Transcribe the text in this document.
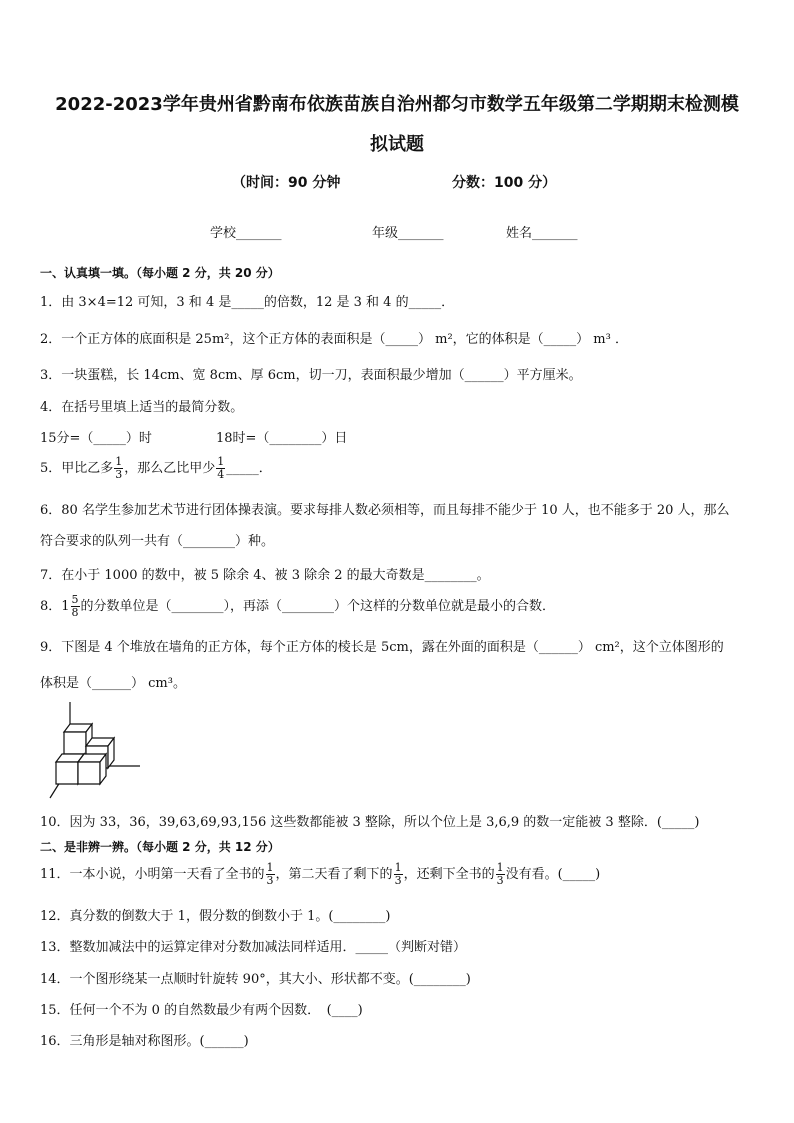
2022-2023学年贵州省黔南布依族苗族自治州都匀市数学五年级第二学期期末检测模
拟试题
（时间：90 分钟	分数：100 分）
学校_______	年级_______	姓名_______
一、认真填一填。（每小题 2 分，共 20 分）
1．由 3×4=12 可知，3 和 4 是_____的倍数，12 是 3 和 4 的_____．
2．一个正方体的底面积是 25m²，这个正方体的表面积是（_____） m²，它的体积是（_____） m³ ．
3．一块蛋糕，长 14cm、宽 8cm、厚 6cm，切一刀，表面积最少增加（______）平方厘米。
4．在括号里填上适当的最简分数。
15分=（_____）时	18时=（________）日
5．甲比乙多 $\frac{1}{3}$ ，那么乙比甲少 $\frac{1}{4}$ _____．
6．80 名学生参加艺术节进行团体操表演。要求每排人数必须相等，而且每排不能少于 10 人，也不能多于 20 人，那么
符合要求的队列一共有（________）种。
7．在小于 1000 的数中，被 5 除余 4、被 3 除余 2 的最大奇数是________。
8．$1 \frac{5}{8}$ 的分数单位是（________），再添（________）个这样的分数单位就是最小的合数．
9．下图是 4 个堆放在墙角的正方体，每个正方体的棱长是 5cm，露在外面的面积是（______） cm²，这个立体图形的
体积是（______） cm³。
10．因为 33，36，39,63,69,93,156 这些数都能被 3 整除，所以个位上是 3,6,9 的数一定能被 3 整除．(_____)
二、是非辨一辨。（每小题 2 分，共 12 分）
11．一本小说，小明第一天看了全书的 $\frac{1}{3}$ ，第二天看了剩下的 $\frac{1}{3}$ ，还剩下全书的 $\frac{1}{3}$ 没有看。(_____)
12．真分数的倒数大于 1，假分数的倒数小于 1。(________)
13．整数加减法中的运算定律对分数加减法同样适用．_____（判断对错）
14．一个图形绕某一点顺时针旋转 90°，其大小、形状都不变。(________)
15．任何一个不为 0 的自然数最少有两个因数．　(____)
16．三角形是轴对称图形。(______)
